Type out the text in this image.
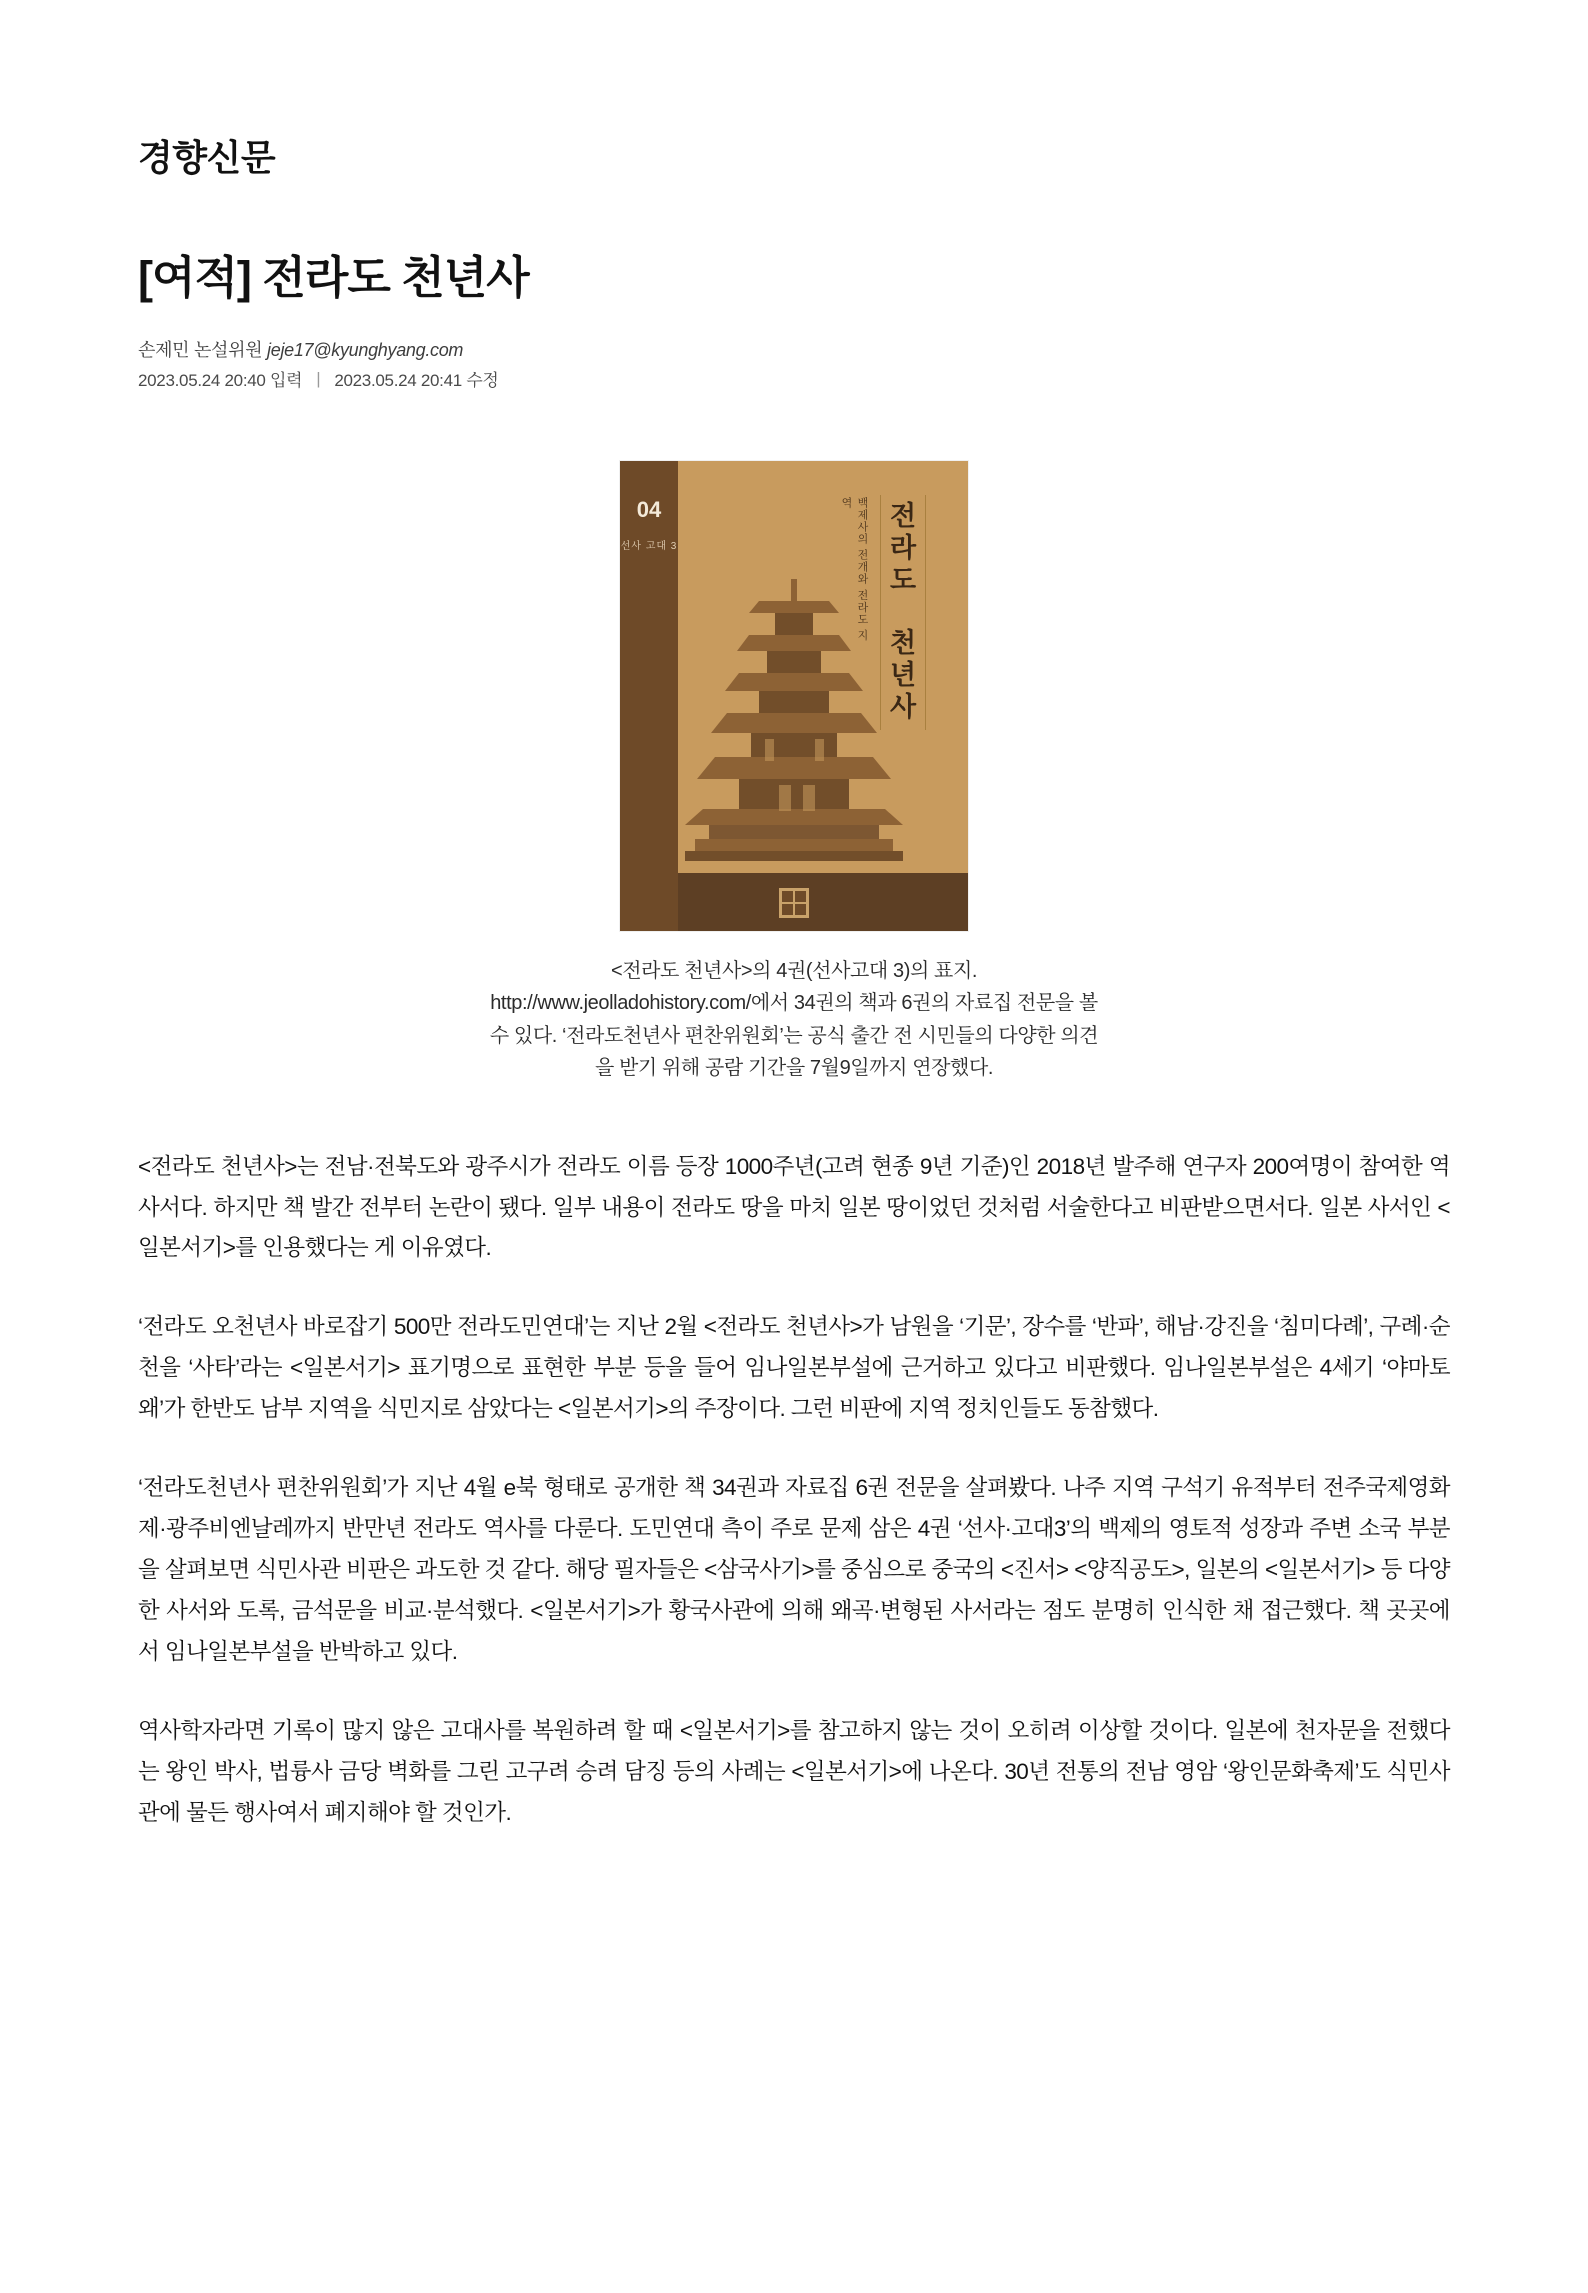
경향신문
[여적] 전라도 천년사
손제민 논설위원 jeje17@kyunghyang.com
2023.05.24 20:40 입력 | 2023.05.24 20:41 수정
04
선사 고대 3	백제사의 전개와 전라도 지역	전
라
도

천
년
사
<전라도 천년사>의 4권(선사고대 3)의 표지.
http://www.jeolladohistory.com/에서 34권의 책과 6권의 자료집 전문을 볼
수 있다. ‘전라도천년사 편찬위원회’는 공식 출간 전 시민들의 다양한 의견
을 받기 위해 공람 기간을 7월9일까지 연장했다.

<전라도 천년사>는 전남·전북도와 광주시가 전라도 이름 등장 1000주년(고려 현종 9년 기준)인 2018년 발주해 연구자 200여명이 참여한 역사서다. 하지만 책 발간 전부터 논란이 됐다. 일부 내용이 전라도 땅을 마치 일본 땅이었던 것처럼 서술한다고 비판받으면서다. 일본 사서인 <일본서기>를 인용했다는 게 이유였다.

‘전라도 오천년사 바로잡기 500만 전라도민연대’는 지난 2월 <전라도 천년사>가 남원을 ‘기문’, 장수를 ‘반파’, 해남·강진을 ‘침미다례’, 구례·순천을 ‘사타’라는 <일본서기> 표기명으로 표현한 부분 등을 들어 임나일본부설에 근거하고 있다고 비판했다. 임나일본부설은 4세기 ‘야마토 왜’가 한반도 남부 지역을 식민지로 삼았다는 <일본서기>의 주장이다. 그런 비판에 지역 정치인들도 동참했다.

‘전라도천년사 편찬위원회’가 지난 4월 e북 형태로 공개한 책 34권과 자료집 6권 전문을 살펴봤다. 나주 지역 구석기 유적부터 전주국제영화제·광주비엔날레까지 반만년 전라도 역사를 다룬다. 도민연대 측이 주로 문제 삼은 4권 ‘선사·고대3’의 백제의 영토적 성장과 주변 소국 부분을 살펴보면 식민사관 비판은 과도한 것 같다. 해당 필자들은 <삼국사기>를 중심으로 중국의 <진서> <양직공도>, 일본의 <일본서기> 등 다양한 사서와 도록, 금석문을 비교·분석했다. <일본서기>가 황국사관에 의해 왜곡·변형된 사서라는 점도 분명히 인식한 채 접근했다. 책 곳곳에서 임나일본부설을 반박하고 있다.

역사학자라면 기록이 많지 않은 고대사를 복원하려 할 때 <일본서기>를 참고하지 않는 것이 오히려 이상할 것이다. 일본에 천자문을 전했다는 왕인 박사, 법륭사 금당 벽화를 그린 고구려 승려 담징 등의 사례는 <일본서기>에 나온다. 30년 전통의 전남 영암 ‘왕인문화축제’도 식민사관에 물든 행사여서 폐지해야 할 것인가.
